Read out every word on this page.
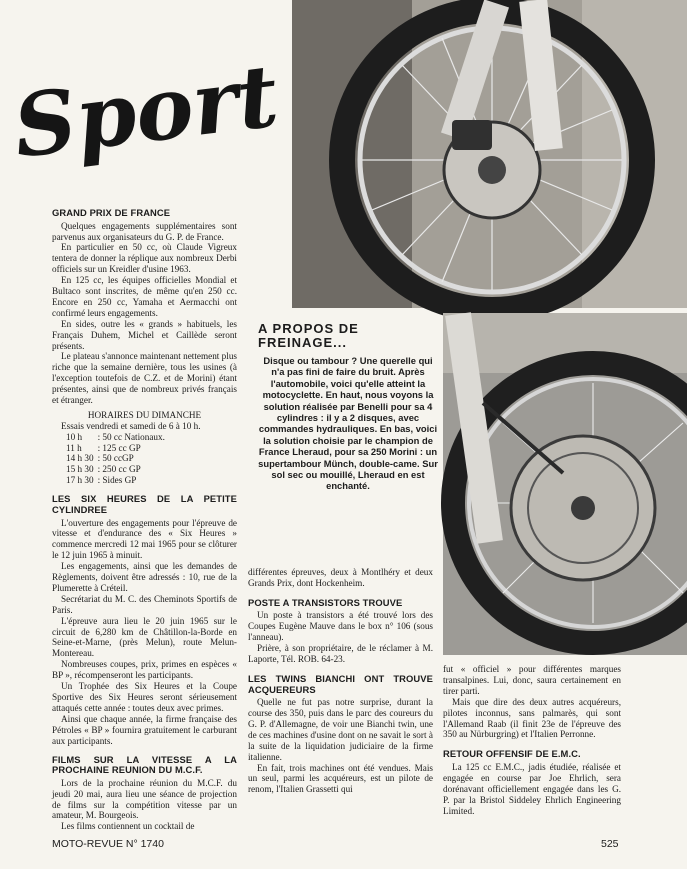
Sport
GRAND PRIX DE FRANCE

Quelques engagements supplémentaires sont parvenus aux organisateurs du G. P. de France.

En particulier en 50 cc, où Claude Vigreux tentera de donner la réplique aux nombreux Derbi officiels sur un Kreidler d'usine 1963.

En 125 cc, les équipes officielles Mondial et Bultaco sont inscrites, de même qu'en 250 cc. Encore en 250 cc, Yamaha et Aermacchi ont confirmé leurs engagements.

En sides, outre les « grands » habituels, les Français Duhem, Michel et Caillède seront présents.

Le plateau s'annonce maintenant nettement plus riche que la semaine dernière, tous les usines (à l'exception toutefois de C.Z. et de Morini) étant présentes, ainsi que de nombreux privés français et étranger.

HORAIRES DU DIMANCHE

Essais vendredi et samedi de 6 à 10 h.

10 h	: 50 cc Nationaux.
11 h	: 125 cc GP
14 h 30	: 50 ccGP
15 h 30	: 250 cc GP
17 h 30	: Sides GP
LES SIX HEURES DE LA PETITE CYLINDREE

L'ouverture des engagements pour l'épreuve de vitesse et d'endurance des « Six Heures » commence mercredi 12 mai 1965 pour se clôturer le 12 juin 1965 à minuit.

Les engagements, ainsi que les demandes de Règlements, doivent être adressés : 10, rue de la Plumerette à Créteil.

Secrétariat du M. C. des Cheminots Sportifs de Paris.

L'épreuve aura lieu le 20 juin 1965 sur le circuit de 6,280 km de Châtillon-la-Borde en Seine-et-Marne, (près Melun), route Melun-Montereau.

Nombreuses coupes, prix, primes en espèces « BP », récompenseront les participants.

Un Trophée des Six Heures et la Coupe Sportive des Six Heures seront sérieusement attaqués cette année : toutes deux avec primes.

Ainsi que chaque année, la firme française des Pétroles « BP » fournira gratuitement le carburant aux participants.

FILMS SUR LA VITESSE A LA PROCHAINE REUNION DU M.C.F.

Lors de la prochaine réunion du M.C.F. du jeudi 20 mai, aura lieu une séance de projection de films sur la compétition vitesse par un amateur, M. Bourgeois.

Les films contiennent un cocktail de

A PROPOS DE FREINAGE...
Disque ou tambour ? Une querelle qui n'a pas fini de faire du bruit. Après l'automobile, voici qu'elle atteint la motocyclette. En haut, nous voyons la solution réalisée par Benelli pour sa 4 cylindres : il y a 2 disques, avec commandes hydrauliques. En bas, voici la solution choisie par le champion de France Lheraud, pour sa 250 Morini : un supertambour Münch, double-came. Sur sol sec ou mouillé, Lheraud en est enchanté.

différentes épreuves, deux à Montlhéry et deux Grands Prix, dont Hockenheim.

POSTE A TRANSISTORS TROUVE

Un poste à transistors a été trouvé lors des Coupes Eugène Mauve dans le box n° 106 (sous l'anneau).

Prière, à son propriétaire, de le réclamer à M. Laporte, Tél. ROB. 64-23.

LES TWINS BIANCHI ONT TROUVE ACQUEREURS

Quelle ne fut pas notre surprise, durant la course des 350, puis dans le parc des coureurs du G. P. d'Allemagne, de voir une Bianchi twin, une de ces machines d'usine dont on ne savait le sort à la suite de la liquidation judiciaire de la firme italienne.

En fait, trois machines ont été vendues. Mais un seul, parmi les acquéreurs, est un pilote de renom, l'Italien Grassetti qui

fut « officiel » pour différentes marques transalpines. Lui, donc, saura certainement en tirer parti.

Mais que dire des deux autres acquéreurs, pilotes inconnus, sans palmarès, qui sont l'Allemand Raab (il finit 23e de l'épreuve des 350 au Nürburgring) et l'Italien Perronne.

RETOUR OFFENSIF DE E.M.C.

La 125 cc E.M.C., jadis étudiée, réalisée et engagée en course par Joe Ehrlich, sera dorénavant officiellement engagée dans les G. P. par la Bristol Siddeley Ehrlich Engineering Limited.

MOTO-REVUE N° 1740	525
